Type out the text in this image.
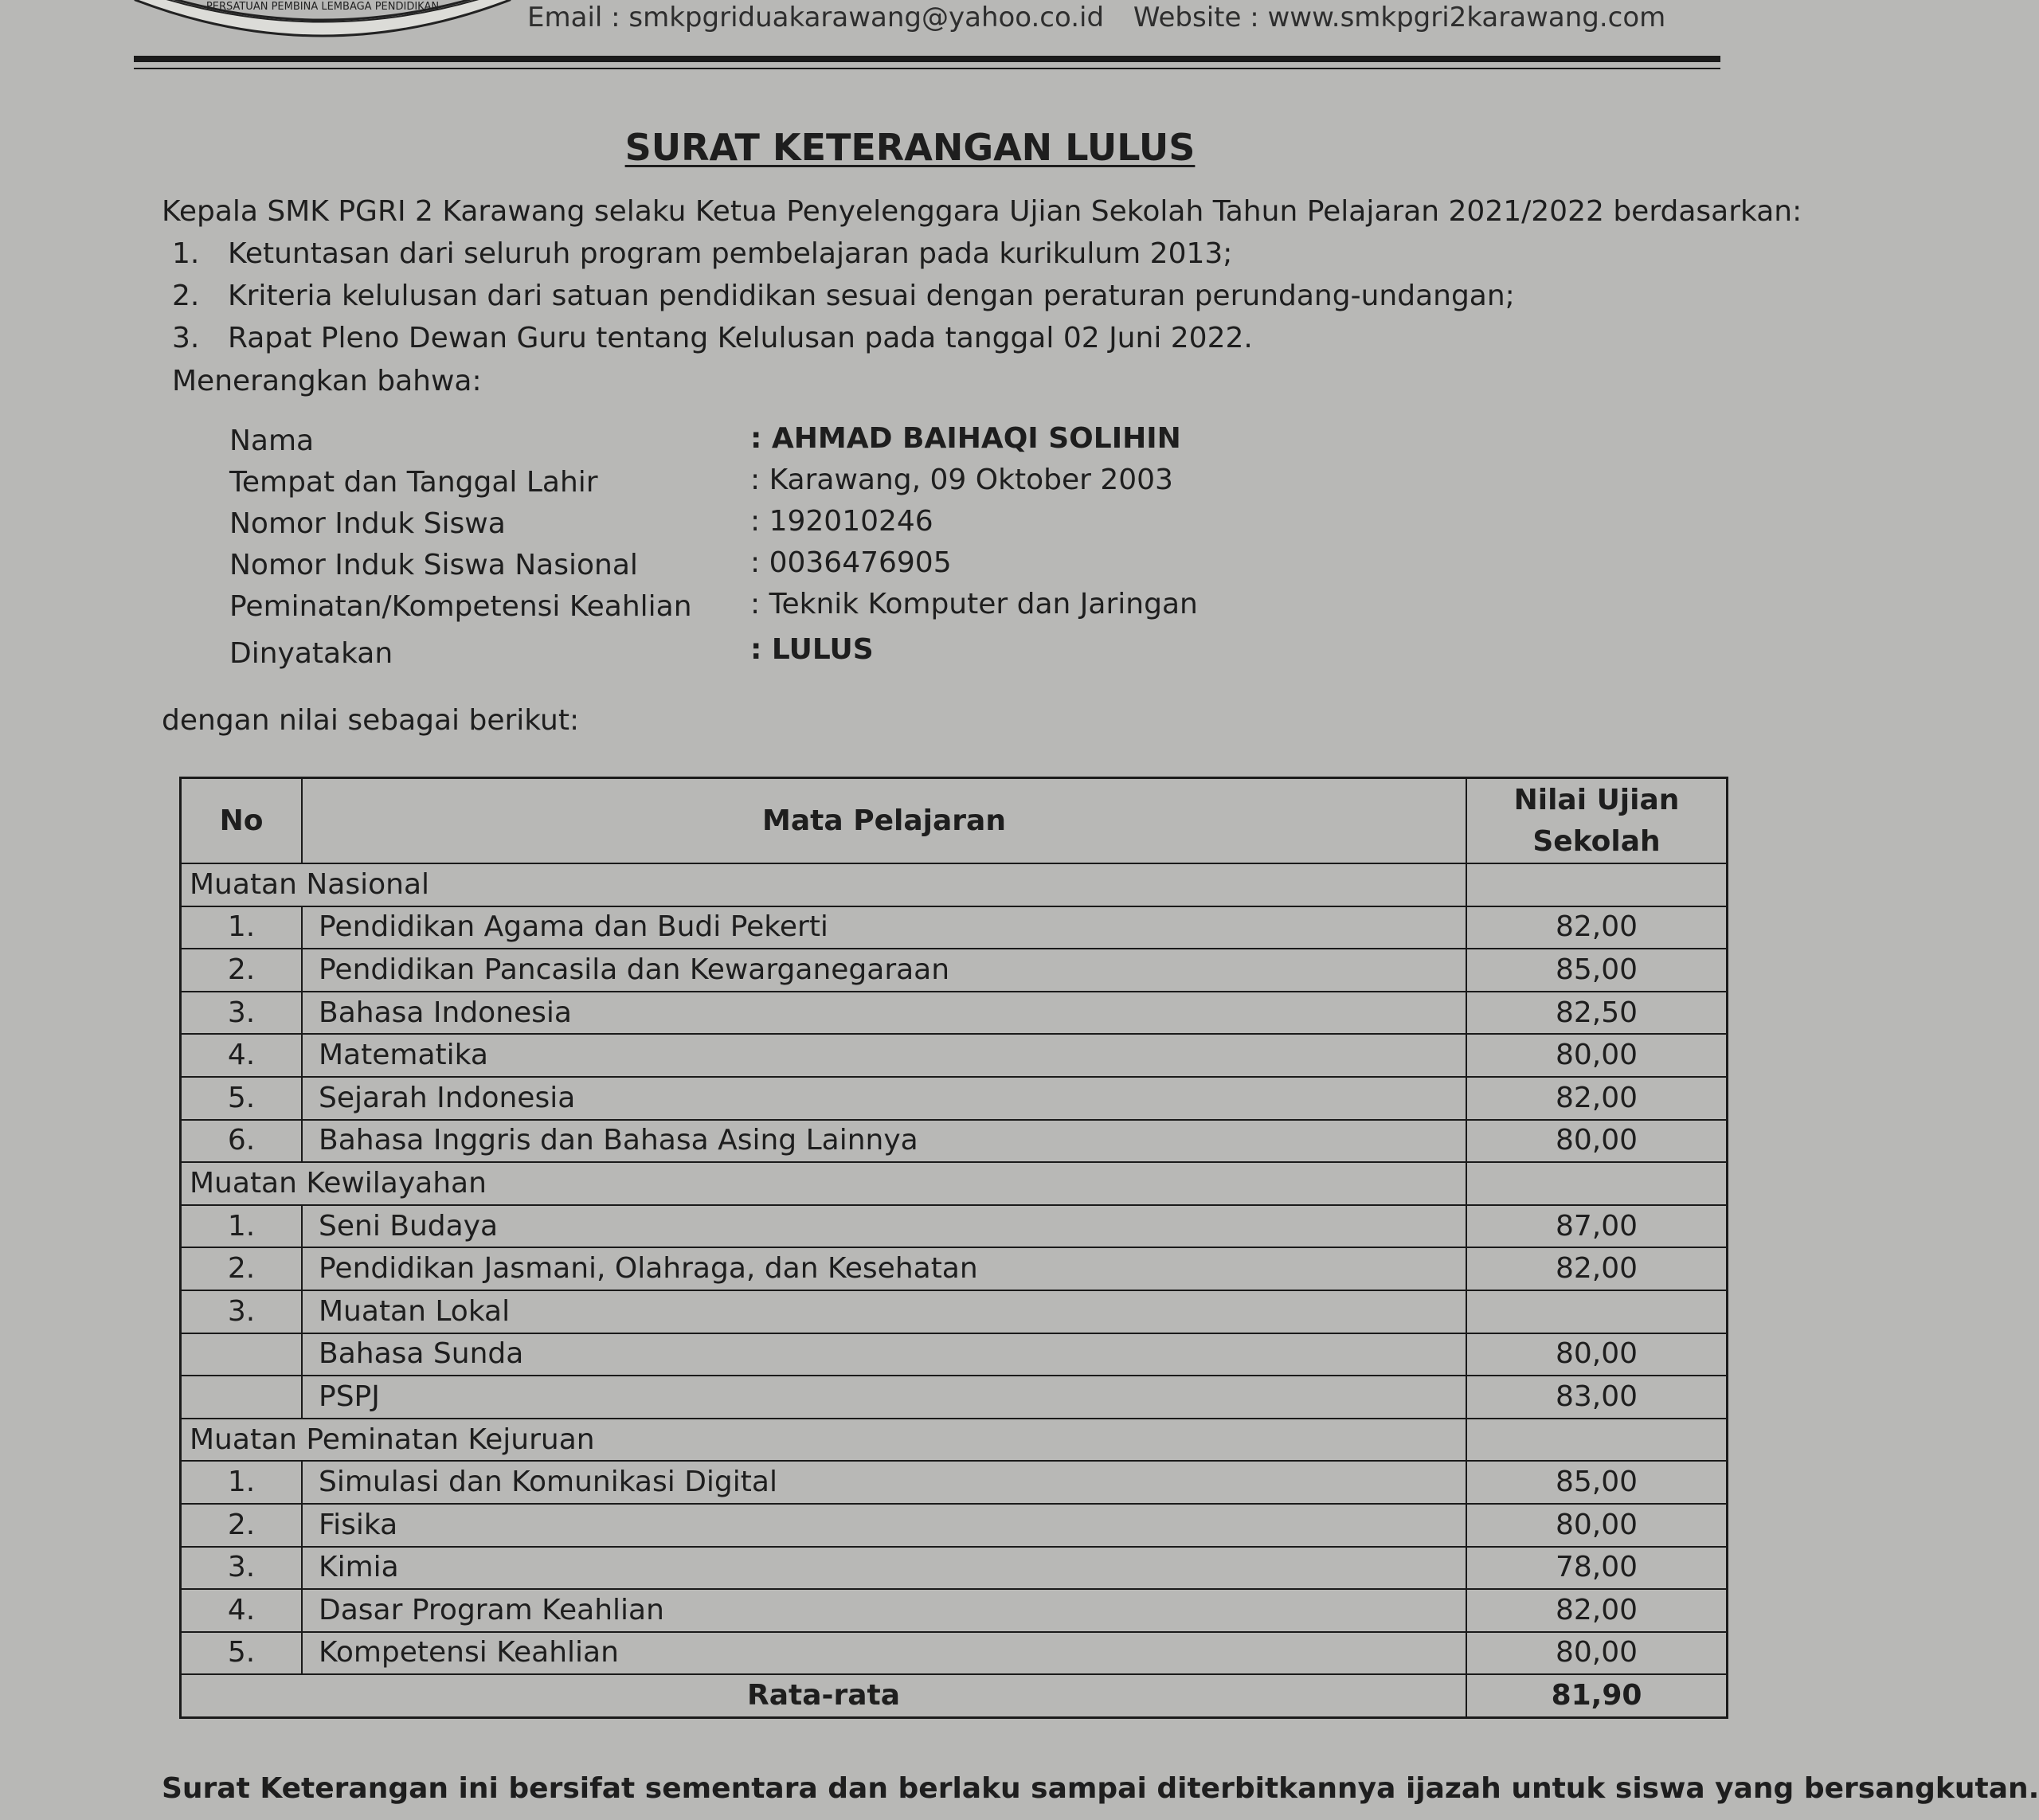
PERSATUAN PEMBINA LEMBAGA PENDIDIKAN	Email : smkpgriduakarawang@yahoo.co.id Website : www.smkpgri2karawang.com
SURAT KETERANGAN LULUS
Kepala SMK PGRI 2 Karawang selaku Ketua Penyelenggara Ujian Sekolah Tahun Pelajaran 2021/2022 berdasarkan:
1. Ketuntasan dari seluruh program pembelajaran pada kurikulum 2013;
2. Kriteria kelulusan dari satuan pendidikan sesuai dengan peraturan perundang-undangan;
3. Rapat Pleno Dewan Guru tentang Kelulusan pada tanggal 02 Juni 2022.
Menerangkan bahwa:
Nama	: AHMAD BAIHAQI SOLIHIN
Tempat dan Tanggal Lahir	: Karawang, 09 Oktober 2003
Nomor Induk Siswa	: 192010246
Nomor Induk Siswa Nasional	: 0036476905
Peminatan/Kompetensi Keahlian : Teknik Komputer dan Jaringan
Dinyatakan	: LULUS
dengan nilai sebagai berikut:
No	Mata Pelajaran	Nilai Ujian Sekolah
Muatan Nasional		
1.	Pendidikan Agama dan Budi Pekerti	82,00
2.	Pendidikan Pancasila dan Kewarganegaraan	85,00
3.	Bahasa Indonesia	82,50
4.	Matematika	80,00
5.	Sejarah Indonesia	82,00
6.	Bahasa Inggris dan Bahasa Asing Lainnya	80,00
Muatan Kewilayahan		
1.	Seni Budaya	87,00
2.	Pendidikan Jasmani, Olahraga, dan Kesehatan	82,00
3.	Muatan Lokal	
	Bahasa Sunda	80,00
	PSPJ	83,00
Muatan Peminatan Kejuruan		
1.	Simulasi dan Komunikasi Digital	85,00
2.	Fisika	80,00
3.	Kimia	78,00
4.	Dasar Program Keahlian	82,00
5.	Kompetensi Keahlian	80,00
Rata-rata		81,90
Surat Keterangan ini bersifat sementara dan berlaku sampai diterbitkannya ijazah untuk siswa yang bersangkutan.
